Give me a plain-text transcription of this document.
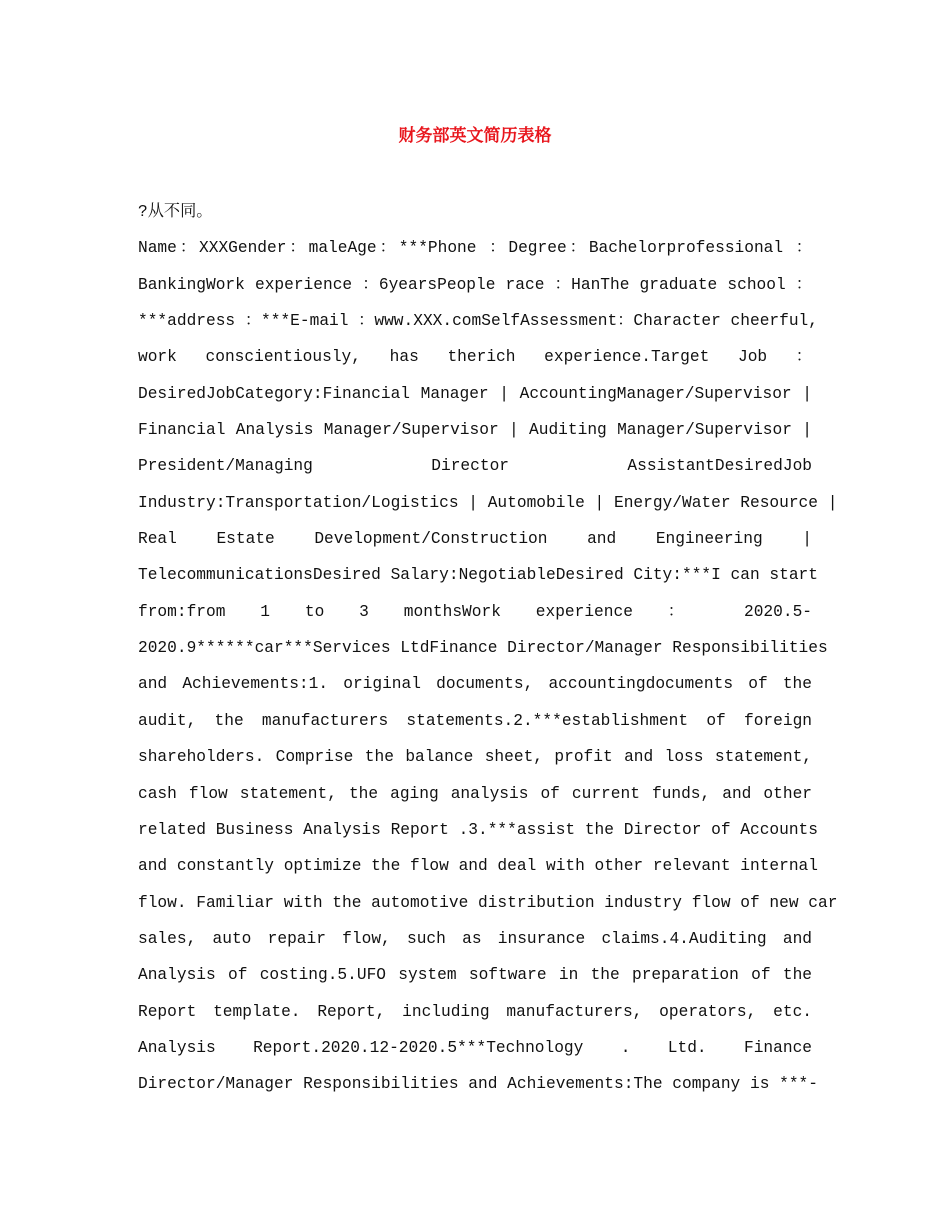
财务部英文简历表格
?从不同。
Name：XXXGender：maleAge：***Phone ：Degree：Bachelorprofessional ：
BankingWork experience ：6yearsPeople race ：HanThe graduate school ：
***address ：***E-mail ：www.XXX.comSelfAssessment：Character cheerful,
work conscientiously, has therich experience.Target Job ：
DesiredJobCategory:Financial Manager | AccountingManager/Supervisor |
Financial Analysis Manager/Supervisor | Auditing Manager/Supervisor |
President/Managing Director AssistantDesiredJob
Industry:Transportation/Logistics | Automobile | Energy/Water Resource |
Real Estate Development/Construction and Engineering |
TelecommunicationsDesired Salary:NegotiableDesired City:***I can start
from:from 1 to 3 monthsWork experience ： 2020.5-
2020.9******car***Services LtdFinance Director/Manager Responsibilities
and Achievements:1. original documents, accountingdocuments of the
audit, the manufacturers statements.2.***establishment of foreign
shareholders. Comprise the balance sheet, profit and loss statement,
cash flow statement, the aging analysis of current funds, and other
related Business Analysis Report .3.***assist the Director of Accounts
and constantly optimize the flow and deal with other relevant internal
flow. Familiar with the automotive distribution industry flow of new car
sales, auto repair flow, such as insurance claims.4.Auditing and
Analysis of costing.5.UFO system software in the preparation of the
Report template. Report, including manufacturers, operators, etc.
Analysis Report.2020.12-2020.5***Technology . Ltd. Finance
Director/Manager Responsibilities and Achievements:The company is ***-
